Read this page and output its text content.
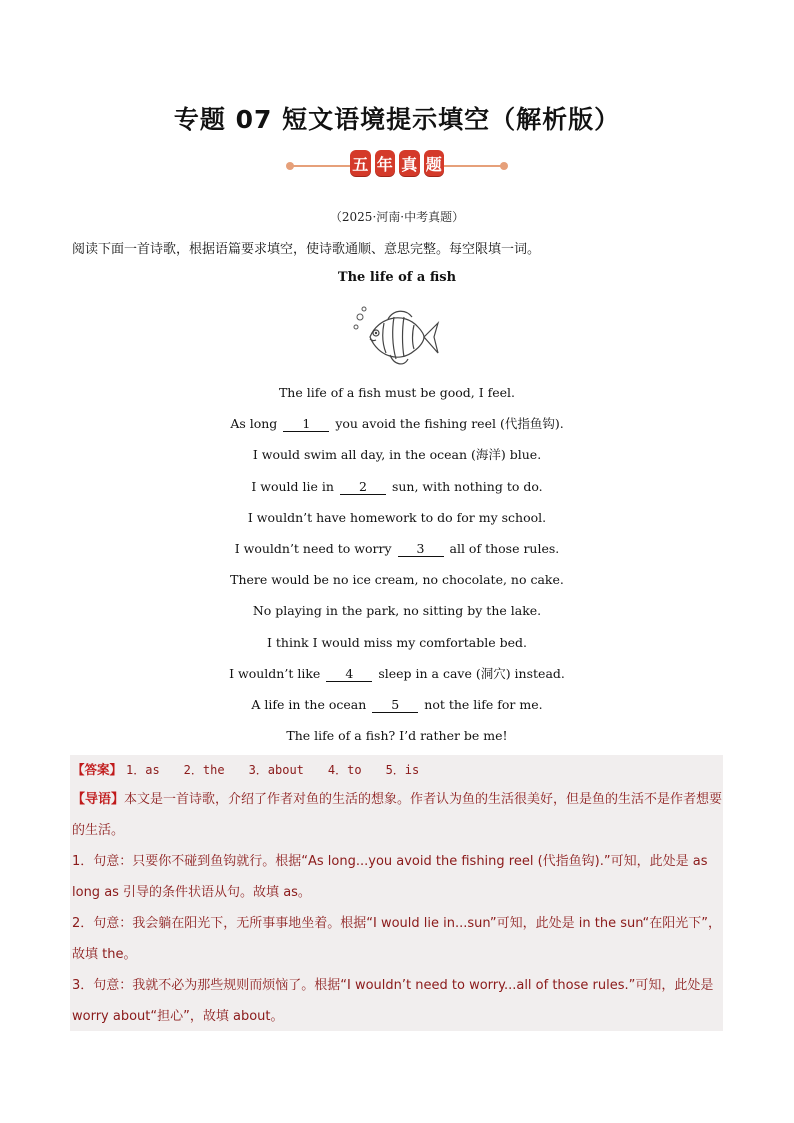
专题 07 短文语境提示填空（解析版）
五 年 真 题
（2025·河南·中考真题）
阅读下面一首诗歌，根据语篇要求填空，使诗歌通顺、意思完整。每空限填一词。
The life of a fish
The life of a fish must be good, I feel.
As long 1 you avoid the fishing reel (代指鱼钩).
I would swim all day, in the ocean (海洋) blue.
I would lie in 2 sun, with nothing to do.
I wouldn’t have homework to do for my school.
I wouldn’t need to worry 3 all of those rules.
There would be no ice cream, no chocolate, no cake.
No playing in the park, no sitting by the lake.
I think I would miss my comfortable bed.
I wouldn’t like 4 sleep in a cave (洞穴) instead.
A life in the ocean 5 not the life for me.
The life of a fish? I’d rather be me!
【答案】 1．as 2．the 3．about 4．to 5．is
【导语】本文是一首诗歌，介绍了作者对鱼的生活的想象。作者认为鱼的生活很美好，但是鱼的生活不是作者想要的生活。
1．句意：只要你不碰到鱼钩就行。根据“As long...you avoid the fishing reel (代指鱼钩).”可知，此处是 as long as 引导的条件状语从句。故填 as。
2．句意：我会躺在阳光下，无所事事地坐着。根据“I would lie in...sun”可知，此处是 in the sun“在阳光下”，故填 the。
3．句意：我就不必为那些规则而烦恼了。根据“I wouldn’t need to worry...all of those rules.”可知，此处是 worry about“担心”，故填 about。
